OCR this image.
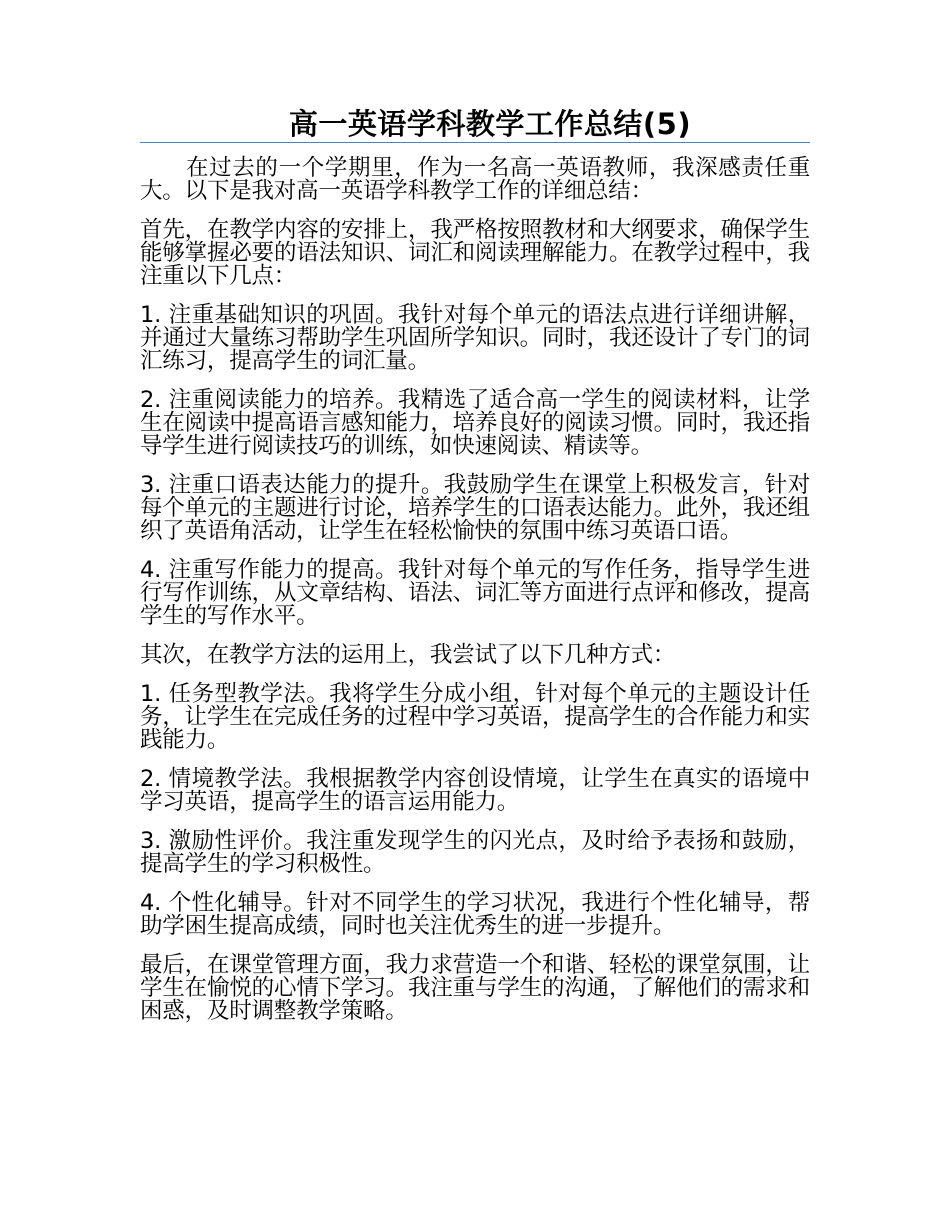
高一英语学科教学工作总结(5)

在过去的一个学期里，作为一名高一英语教师，我深感责任重大。以下是我对高一英语学科教学工作的详细总结：

首先，在教学内容的安排上，我严格按照教材和大纲要求，确保学生能够掌握必要的语法知识、词汇和阅读理解能力。在教学过程中，我注重以下几点：

1. 注重基础知识的巩固。我针对每个单元的语法点进行详细讲解，并通过大量练习帮助学生巩固所学知识。同时，我还设计了专门的词汇练习，提高学生的词汇量。

2. 注重阅读能力的培养。我精选了适合高一学生的阅读材料，让学生在阅读中提高语言感知能力，培养良好的阅读习惯。同时，我还指导学生进行阅读技巧的训练，如快速阅读、精读等。

3. 注重口语表达能力的提升。我鼓励学生在课堂上积极发言，针对每个单元的主题进行讨论，培养学生的口语表达能力。此外，我还组织了英语角活动，让学生在轻松愉快的氛围中练习英语口语。

4. 注重写作能力的提高。我针对每个单元的写作任务，指导学生进行写作训练，从文章结构、语法、词汇等方面进行点评和修改，提高学生的写作水平。

其次，在教学方法的运用上，我尝试了以下几种方式：

1. 任务型教学法。我将学生分成小组，针对每个单元的主题设计任务，让学生在完成任务的过程中学习英语，提高学生的合作能力和实践能力。

2. 情境教学法。我根据教学内容创设情境，让学生在真实的语境中学习英语，提高学生的语言运用能力。

3. 激励性评价。我注重发现学生的闪光点，及时给予表扬和鼓励，提高学生的学习积极性。

4. 个性化辅导。针对不同学生的学习状况，我进行个性化辅导，帮助学困生提高成绩，同时也关注优秀生的进一步提升。

最后，在课堂管理方面，我力求营造一个和谐、轻松的课堂氛围，让学生在愉悦的心情下学习。我注重与学生的沟通，了解他们的需求和困惑，及时调整教学策略。
